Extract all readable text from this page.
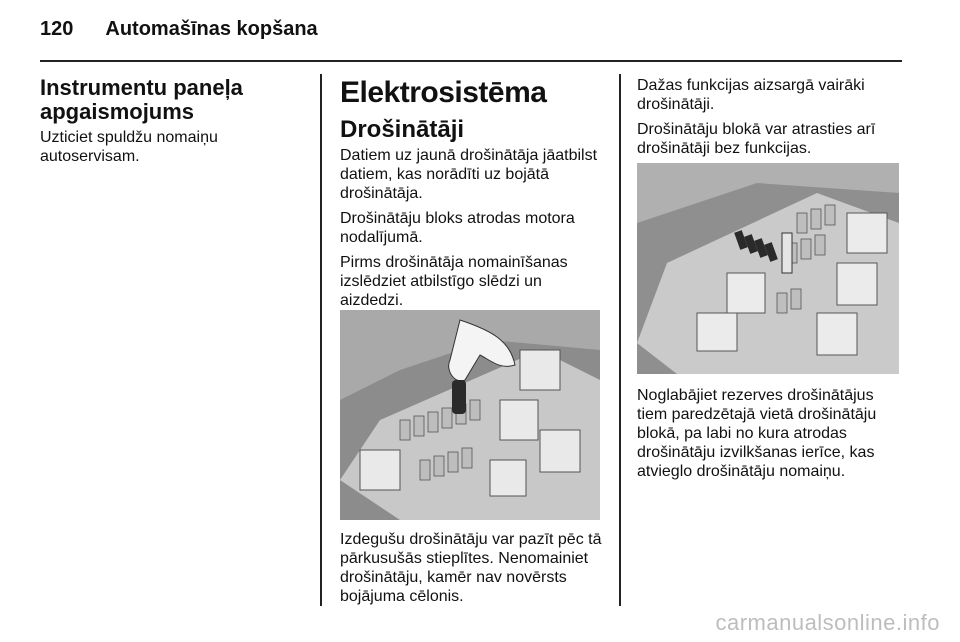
120 Automašīnas kopšana
Instrumentu paneļa apgaismojums

Uzticiet spuldžu nomaiņu autoservisam.

Elektrosistēma
Drošinātāji

Datiem uz jaunā drošinātāja jāatbilst datiem, kas norādīti uz bojātā drošinātāja.

Drošinātāju bloks atrodas motora nodalījumā.

Pirms drošinātāja nomainīšanas izslēdziet atbilstīgo slēdzi un aizdedzi.

Izdegušu drošinātāju var pazīt pēc tā pārkusušās stieplītes. Nenomainiet drošinātāju, kamēr nav novērsts bojājuma cēlonis.

Dažas funkcijas aizsargā vairāki drošinātāji.

Drošinātāju blokā var atrasties arī drošinātāji bez funkcijas.

Noglabājiet rezerves drošinātājus tiem paredzētajā vietā drošinātāju blokā, pa labi no kura atrodas drošinātāju izvilkšanas ierīce, kas atvieglo drošinātāju nomaiņu.
carmanualsonline.info
